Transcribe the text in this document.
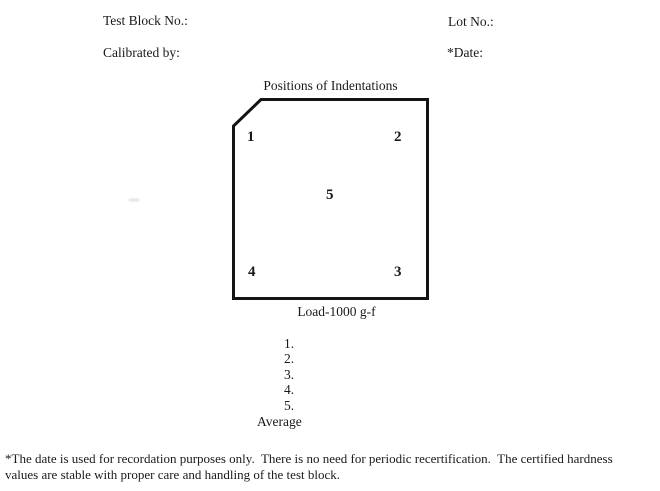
Test Block No.:	Lot No.:
Calibrated by:	*Date:
Positions of Indentations
1	2
5
4	3
Load-1000 g-f
1.
2.
3.
4.
5.
Average
*The date is used for recordation purposes only.  There is no need for periodic recertification.  The certified hardness
values are stable with proper care and handling of the test block.
